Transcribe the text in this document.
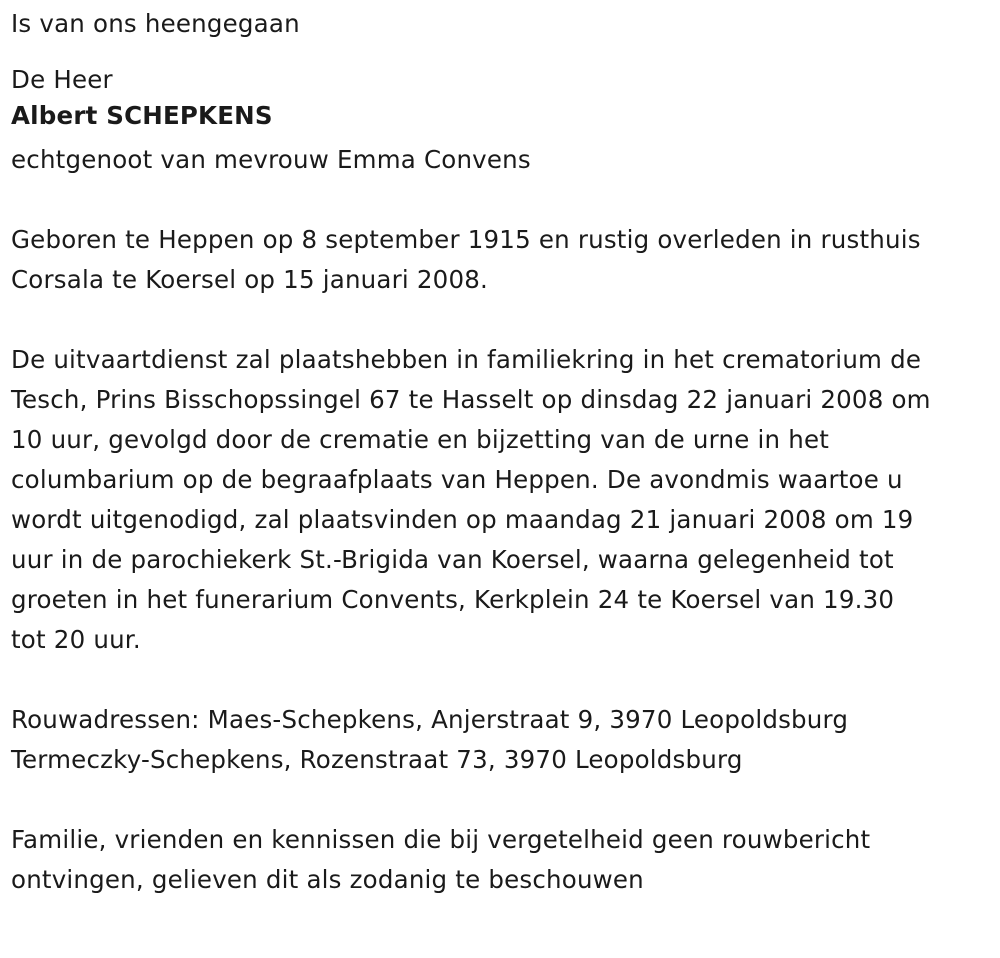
Is van ons heengegaan
De Heer
Albert SCHEPKENS
echtgenoot van mevrouw Emma Convens
Geboren te Heppen op 8 september 1915 en rustig overleden in rusthuis
Corsala te Koersel op 15 januari 2008.
De uitvaartdienst zal plaatshebben in familiekring in het crematorium de
Tesch, Prins Bisschopssingel 67 te Hasselt op dinsdag 22 januari 2008 om
10 uur, gevolgd door de crematie en bijzetting van de urne in het
columbarium op de begraafplaats van Heppen. De avondmis waartoe u
wordt uitgenodigd, zal plaatsvinden op maandag 21 januari 2008 om 19
uur in de parochiekerk St.-Brigida van Koersel, waarna gelegenheid tot
groeten in het funerarium Convents, Kerkplein 24 te Koersel van 19.30
tot 20 uur.
Rouwadressen: Maes-Schepkens, Anjerstraat 9, 3970 Leopoldsburg
Termeczky-Schepkens, Rozenstraat 73, 3970 Leopoldsburg
Familie, vrienden en kennissen die bij vergetelheid geen rouwbericht
ontvingen, gelieven dit als zodanig te beschouwen
